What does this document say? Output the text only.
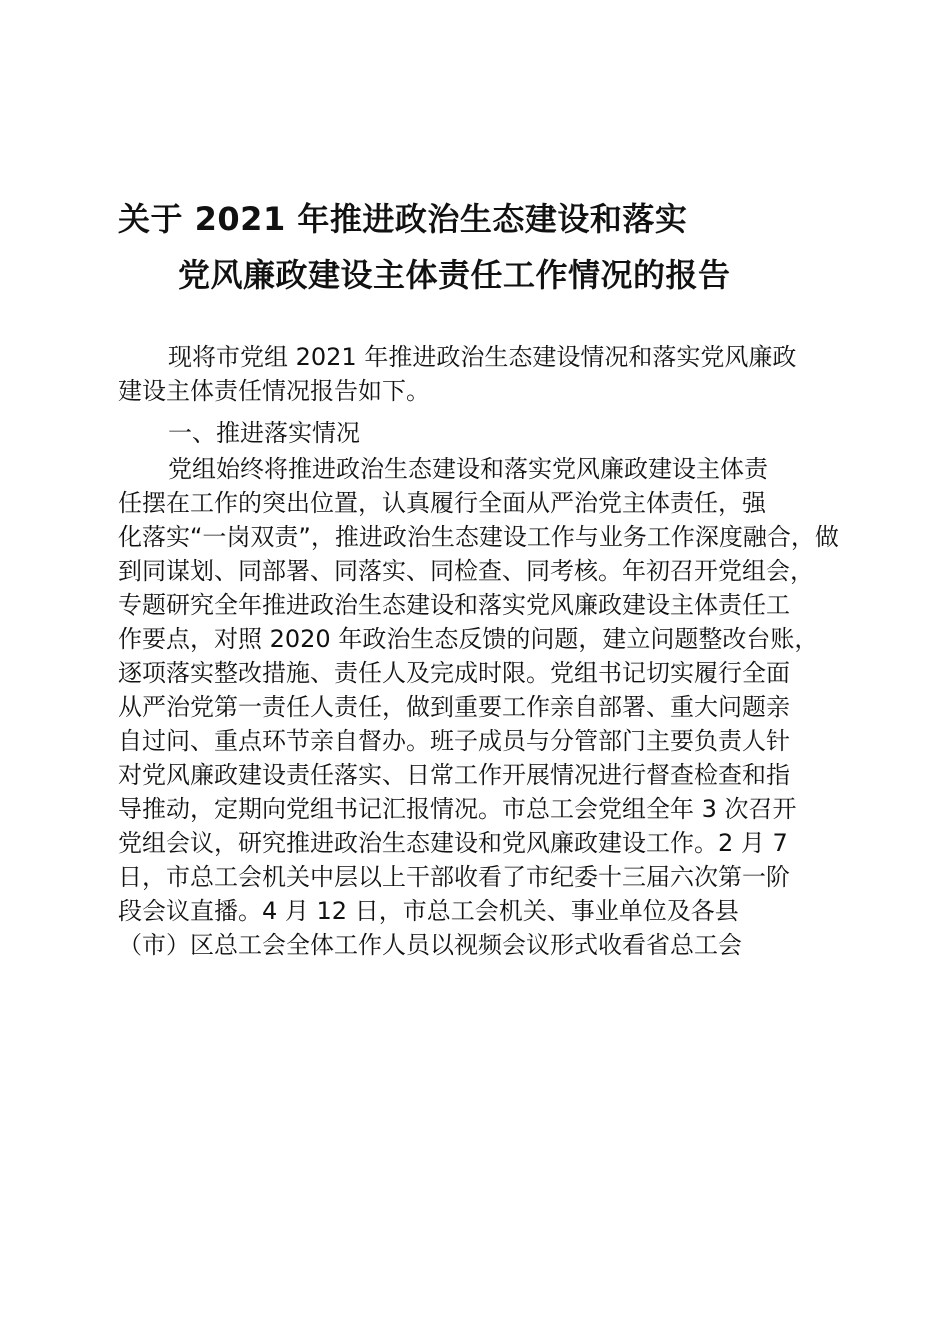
关于 2021 年推进政治生态建设和落实
党风廉政建设主体责任工作情况的报告
现将市党组 2021 年推进政治生态建设情况和落实党风廉政
建设主体责任情况报告如下。
一、推进落实情况
党组始终将推进政治生态建设和落实党风廉政建设主体责
任摆在工作的突出位置，认真履行全面从严治党主体责任，强
化落实“一岗双责”，推进政治生态建设工作与业务工作深度融合，做
到同谋划、同部署、同落实、同检查、同考核。年初召开党组会，
专题研究全年推进政治生态建设和落实党风廉政建设主体责任工
作要点，对照 2020 年政治生态反馈的问题，建立问题整改台账，
逐项落实整改措施、责任人及完成时限。党组书记切实履行全面
从严治党第一责任人责任，做到重要工作亲自部署、重大问题亲
自过问、重点环节亲自督办。班子成员与分管部门主要负责人针
对党风廉政建设责任落实、日常工作开展情况进行督查检查和指
导推动，定期向党组书记汇报情况。市总工会党组全年 3 次召开
党组会议，研究推进政治生态建设和党风廉政建设工作。2 月 7
日，市总工会机关中层以上干部收看了市纪委十三届六次第一阶
段会议直播。4 月 12 日，市总工会机关、事业单位及各县
（市）区总工会全体工作人员以视频会议形式收看省总工会
